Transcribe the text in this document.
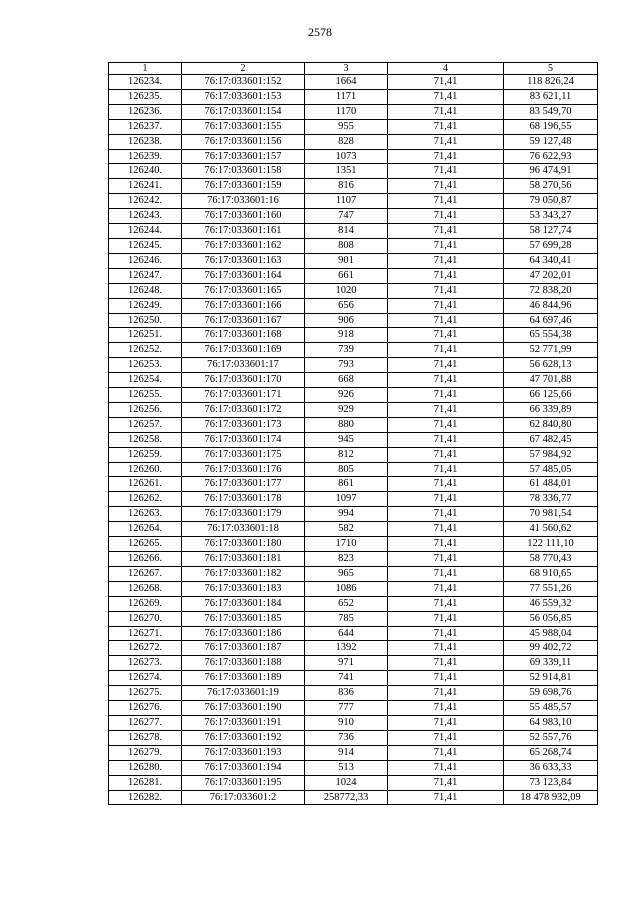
2578
1	2	3	4	5
126234.	76:17:033601:152	1664	71,41	118 826,24
126235.	76:17:033601:153	1171	71,41	83 621,11
126236.	76:17:033601:154	1170	71,41	83 549,70
126237.	76:17:033601:155	955	71,41	68 196,55
126238.	76:17:033601:156	828	71,41	59 127,48
126239.	76:17:033601:157	1073	71,41	76 622,93
126240.	76:17:033601:158	1351	71,41	96 474,91
126241.	76:17:033601:159	816	71,41	58 270,56
126242.	76:17:033601:16	1107	71,41	79 050,87
126243.	76:17:033601:160	747	71,41	53 343,27
126244.	76:17:033601:161	814	71,41	58 127,74
126245.	76:17:033601:162	808	71,41	57 699,28
126246.	76:17:033601:163	901	71,41	64 340,41
126247.	76:17:033601:164	661	71,41	47 202,01
126248.	76:17:033601:165	1020	71,41	72 838,20
126249.	76:17:033601:166	656	71,41	46 844,96
126250.	76:17:033601:167	906	71,41	64 697,46
126251.	76:17:033601:168	918	71,41	65 554,38
126252.	76:17:033601:169	739	71,41	52 771,99
126253.	76:17:033601:17	793	71,41	56 628,13
126254.	76:17:033601:170	668	71,41	47 701,88
126255.	76:17:033601:171	926	71,41	66 125,66
126256.	76:17:033601:172	929	71,41	66 339,89
126257.	76:17:033601:173	880	71,41	62 840,80
126258.	76:17:033601:174	945	71,41	67 482,45
126259.	76:17:033601:175	812	71,41	57 984,92
126260.	76:17:033601:176	805	71,41	57 485,05
126261.	76:17:033601:177	861	71,41	61 484,01
126262.	76:17:033601:178	1097	71,41	78 336,77
126263.	76:17:033601:179	994	71,41	70 981,54
126264.	76:17:033601:18	582	71,41	41 560,62
126265.	76:17:033601:180	1710	71,41	122 111,10
126266.	76:17:033601:181	823	71,41	58 770,43
126267.	76:17:033601:182	965	71,41	68 910,65
126268.	76:17:033601:183	1086	71,41	77 551,26
126269.	76:17:033601:184	652	71,41	46 559,32
126270.	76:17:033601:185	785	71,41	56 056,85
126271.	76:17:033601:186	644	71,41	45 988,04
126272.	76:17:033601:187	1392	71,41	99 402,72
126273.	76:17:033601:188	971	71,41	69 339,11
126274.	76:17:033601:189	741	71,41	52 914,81
126275.	76:17:033601:19	836	71,41	59 698,76
126276.	76:17:033601:190	777	71,41	55 485,57
126277.	76:17:033601:191	910	71,41	64 983,10
126278.	76:17:033601:192	736	71,41	52 557,76
126279.	76:17:033601:193	914	71,41	65 268,74
126280.	76:17:033601:194	513	71,41	36 633,33
126281.	76:17:033601:195	1024	71,41	73 123,84
126282.	76:17:033601:2	258772,33	71,41	18 478 932,09
